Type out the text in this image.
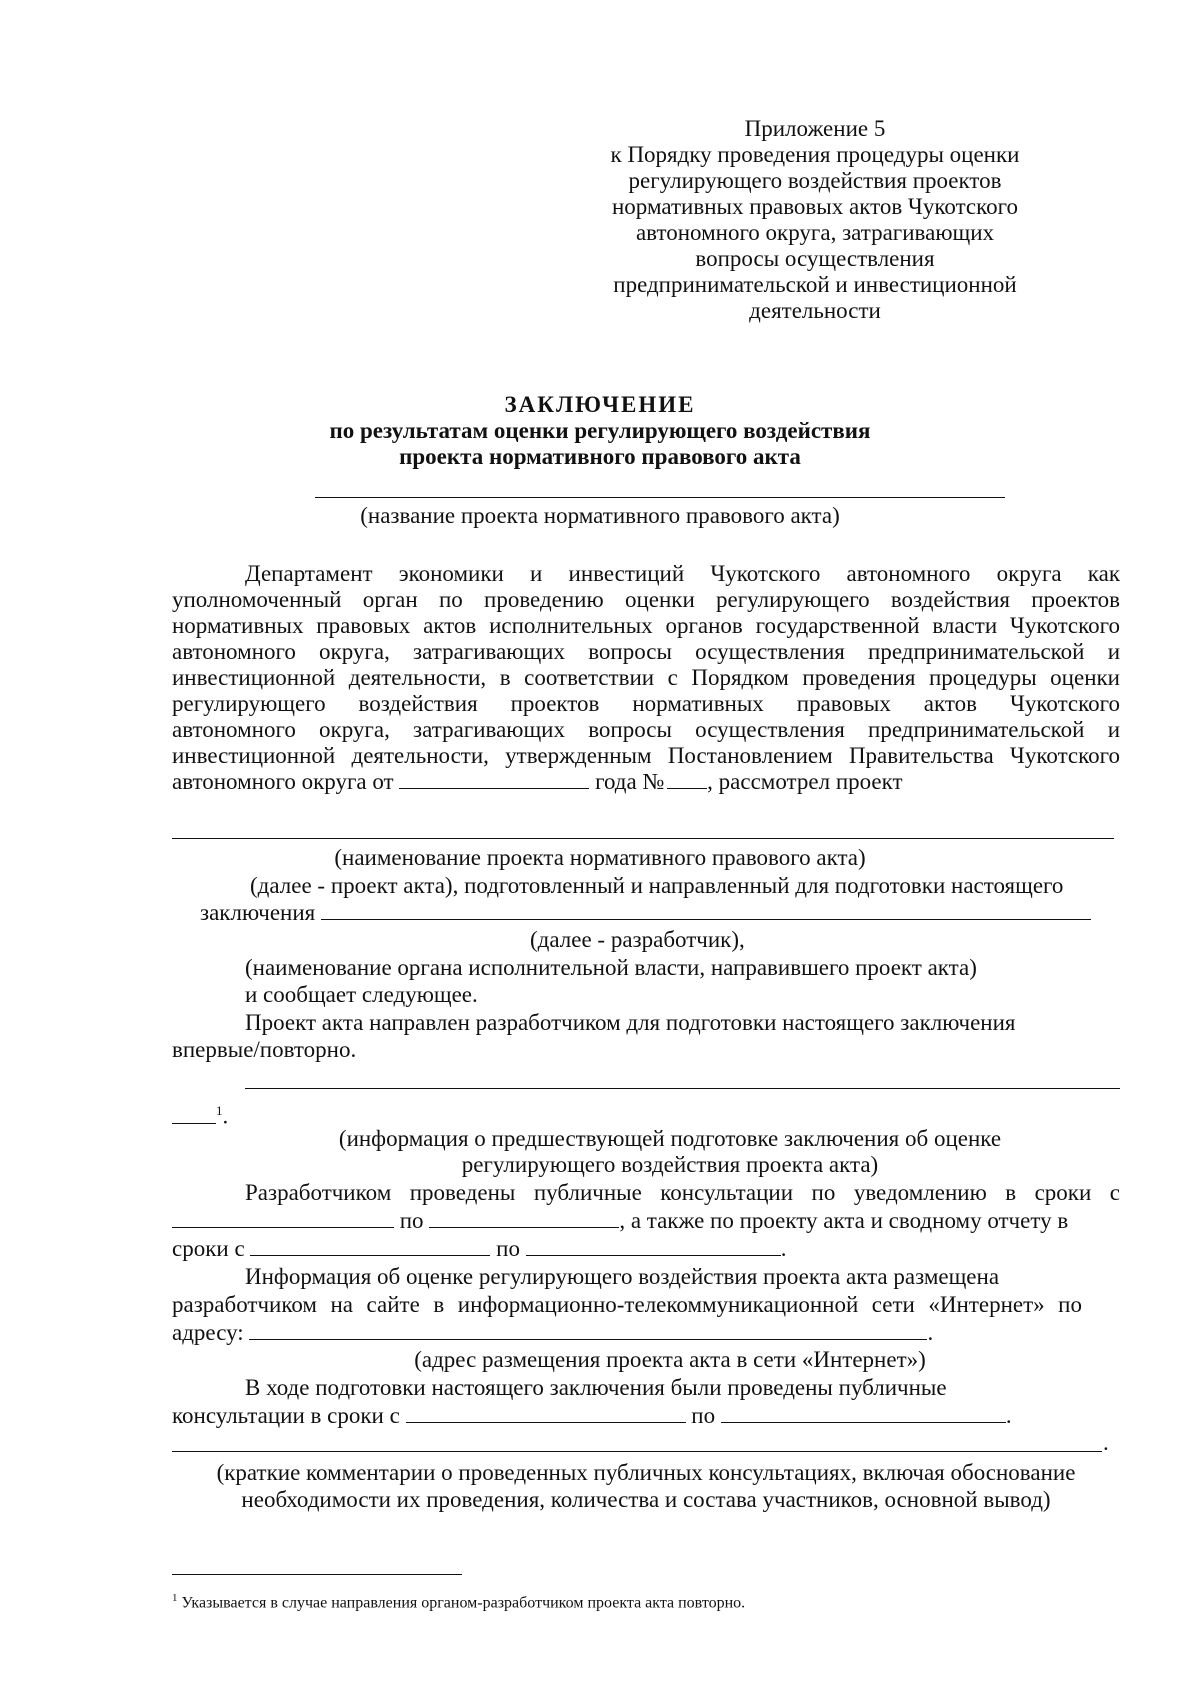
Приложение 5
к Порядку проведения процедуры оценки
регулирующего воздействия проектов
нормативных правовых актов Чукотского
автономного округа, затрагивающих
вопросы осуществления
предпринимательской и инвестиционной
деятельности
ЗАКЛЮЧЕНИЕ
по результатам оценки регулирующего воздействия
проекта нормативного правового акта
(название проекта нормативного правового акта)
Департамент экономики и инвестиций Чукотского автономного округа как
уполномоченный орган по проведению оценки регулирующего воздействия проектов
нормативных правовых актов исполнительных органов государственной власти Чукотского
автономного округа, затрагивающих вопросы осуществления предпринимательской и
инвестиционной деятельности, в соответствии с Порядком проведения процедуры оценки
регулирующего воздействия проектов нормативных правовых актов Чукотского
автономного округа, затрагивающих вопросы осуществления предпринимательской и
инвестиционной деятельности, утвержденным Постановлением Правительства Чукотского
автономного округа от	года № , рассмотрел проект
(наименование проекта нормативного правового акта)
(далее - проект акта), подготовленный и направленный для подготовки настоящего
заключения
(далее - разработчик),
(наименование органа исполнительной власти, направившего проект акта)
и сообщает следующее.
Проект акта направлен разработчиком для подготовки настоящего заключения
впервые/повторно.
$^1$.
(информация о предшествующей подготовке заключения об оценке
регулирующего воздействия проекта акта)
Разработчиком проведены публичные консультации по уведомлению в сроки с
по	, а также по проекту акта и сводному отчету в
сроки с	по	.
Информация об оценке регулирующего воздействия проекта акта размещена
разработчиком на сайте в информационно-телекоммуникационной сети «Интернет» по
адресу:	.
(адрес размещения проекта акта в сети «Интернет»)
В ходе подготовки настоящего заключения были проведены публичные
консультации в сроки с	по	.
.
(краткие комментарии о проведенных публичных консультациях, включая обоснование
необходимости их проведения, количества и состава участников, основной вывод)
$^1$ Указывается в случае направления органом-разработчиком проекта акта повторно.
